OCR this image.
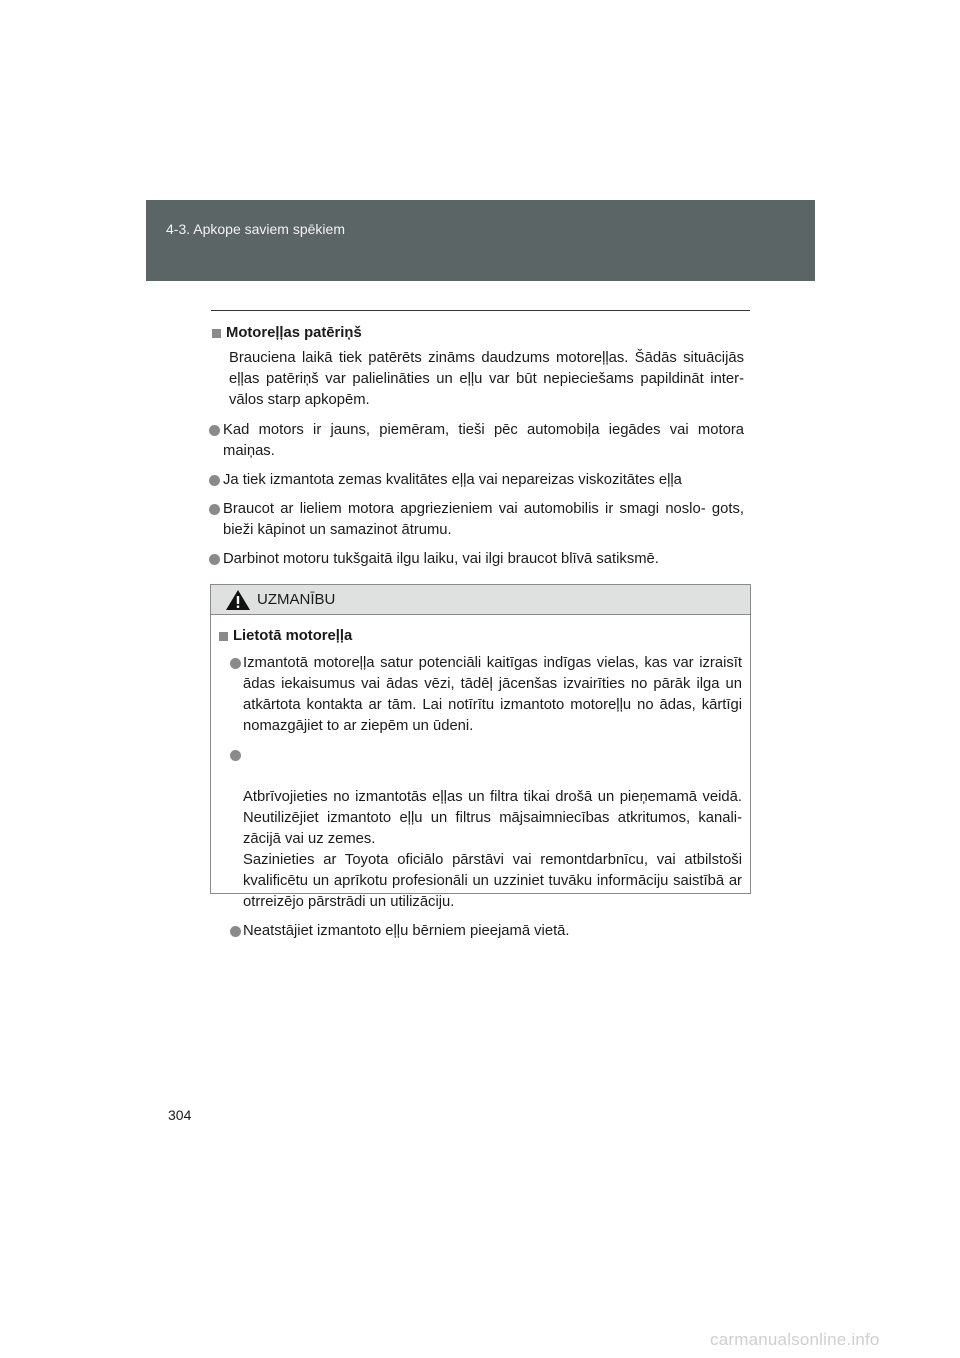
4-3. Apkope saviem spēkiem
Motoreļļas patēriņš
Brauciena laikā tiek patērēts zināms daudzums motoreļļas. Šādās situācijās eļļas patēriņš var palielināties un eļļu var būt nepieciešams papildināt inter- vālos starp apkopēm.
Kad motors ir jauns, piemēram, tieši pēc automobiļa iegādes vai motora maiņas.
Ja tiek izmantota zemas kvalitātes eļļa vai nepareizas viskozitātes eļļa
Braucot ar lieliem motora apgriezieniem vai automobilis ir smagi noslo- gots, bieži kāpinot un samazinot ātrumu.
Darbinot motoru tukšgaitā ilgu laiku, vai ilgi braucot blīvā satiksmē.
UZMANĪBU
Lietotā motoreļļa
Izmantotā motoreļļa satur potenciāli kaitīgas indīgas vielas, kas var izraisīt ādas iekaisumus vai ādas vēzi, tādēļ jācenšas izvairīties no pārāk ilga un atkārtota kontakta ar tām. Lai notīrītu izmantoto motoreļļu no ādas, kārtīgi nomazgājiet to ar ziepēm un ūdeni.

Atbrīvojieties no izmantotās eļļas un filtra tikai drošā un pieņemamā veidā. Neutilizējiet izmantoto eļļu un filtrus mājsaimniecības atkritumos, kanali- zācijā vai uz zemes.
Sazinieties ar Toyota oficiālo pārstāvi vai remontdarbnīcu, vai atbilstoši kvalificētu un aprīkotu profesionāli un uzziniet tuvāku informāciju saistībā ar otrreizējo pārstrādi un utilizāciju.

Neatstājiet izmantoto eļļu bērniem pieejamā vietā.
304
carmanualsonline.info
